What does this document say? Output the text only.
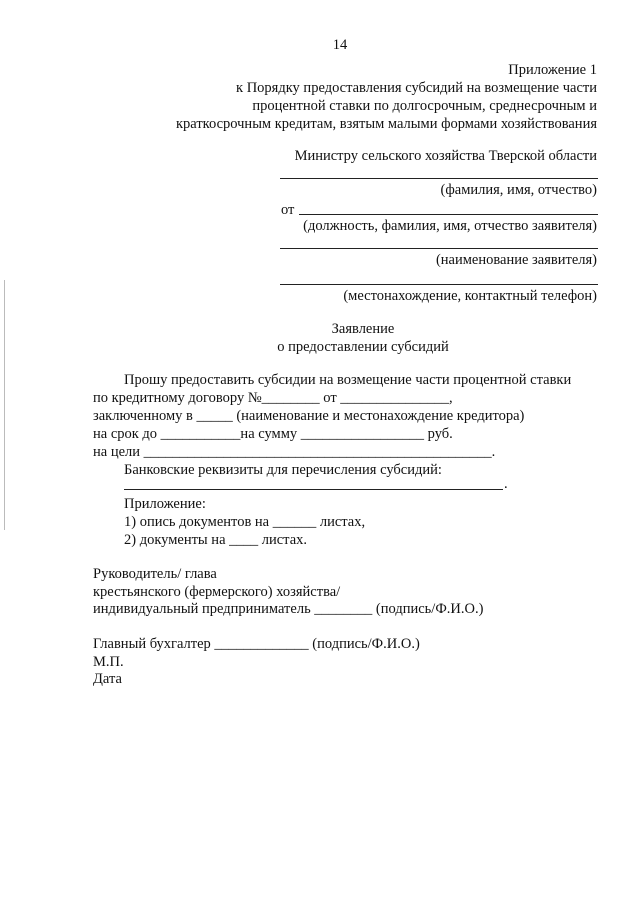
14
Приложение 1
к Порядку предоставления субсидий на возмещение части
процентной ставки по долгосрочным, среднесрочным и
краткосрочным кредитам, взятым малыми формами хозяйствования
Министру сельского хозяйства Тверской области
(фамилия, имя, отчество)
от
(должность, фамилия, имя, отчество заявителя)
(наименование заявителя)
(местонахождение, контактный телефон)
Заявление
о предоставлении субсидий
Прошу предоставить субсидии на возмещение части процентной ставки
по кредитному договору №________ от _______________,
заключенному в _____ (наименование и местонахождение кредитора)
на срок до ___________на сумму _________________ руб.
на цели ________________________________________________.
Банковские реквизиты для перечисления субсидий:
.
Приложение:
1) опись документов на ______ листах,
2) документы на ____ листах.
Руководитель/ глава
крестьянского (фермерского) хозяйства/
индивидуальный предприниматель ________ (подпись/Ф.И.О.)
Главный бухгалтер _____________ (подпись/Ф.И.О.)
М.П.
Дата
